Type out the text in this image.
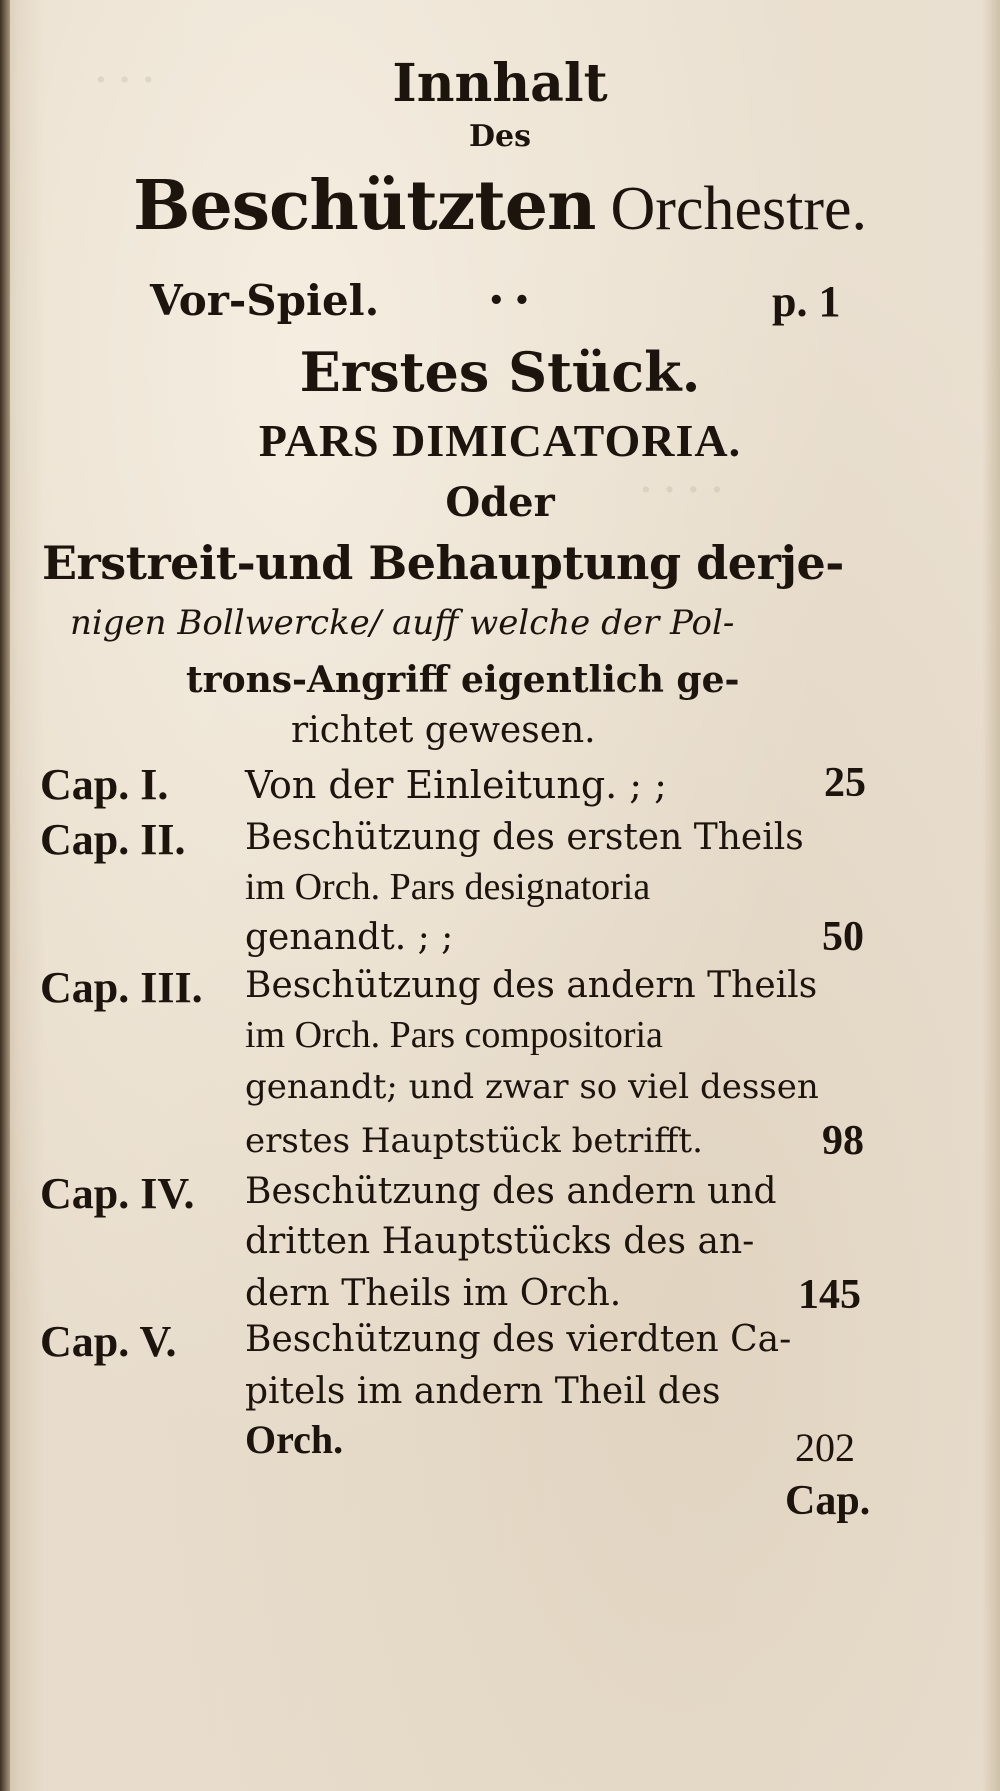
· · ·
· · · ·
Innhalt
Des
Beschützten Orchestre.
Vor-Spiel.	• •	p. 1
Erstes Stück.
PARS DIMICATORIA.
Oder
Erstreit-und Behauptung derje-
nigen Bollwercke/ auff welche der Pol-
trons-Angriff eigentlich ge-
richtet gewesen.
Cap. I. Von der Einleitung. ; ;	25
Cap. II. Beschützung des ersten Theils
im Orch. Pars designatoria
genandt. ; ;	50
Cap. III. Beschützung des andern Theils
im Orch. Pars compositoria
genandt; und zwar so viel dessen
erstes Hauptstück betrifft.	98
Cap. IV. Beschützung des andern und
dritten Hauptstücks des an-
dern Theils im Orch.	145
Cap. V. Beschützung des vierdten Ca-
pitels im andern Theil des
Orch.	202
Cap.
